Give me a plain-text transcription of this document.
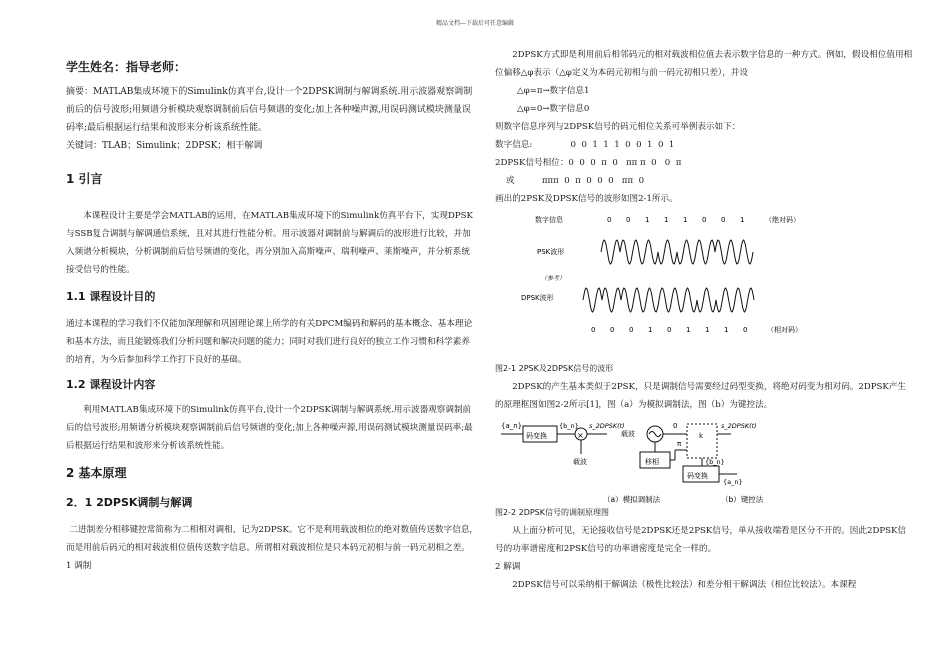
精品文档---下载后可任意编辑
学生姓名：指导老师：
摘要：MATLAB集成环境下的Simulink仿真平台,设计一个2DPSK调制与解调系统.用示波器观察调制前后的信号波形;用频谱分析模块观察调制前后信号频谱的变化;加上各种噪声源,用误码测试模块测量误码率;最后根据运行结果和波形来分析该系统性能。
关键词：TLAB；Simulink；2DPSK；相干解调
1 引言
本课程设计主要是学会MATLAB的运用，在MATLAB集成环境下的Simulink仿真平台下，实现DPSK与SSB复合调制与解调通信系统，且对其进行性能分析。用示波器对调制前与解调后的波形进行比较，并加入频谱分析模块，分析调制前后信号频谱的变化，再分别加入高斯噪声、瑞利噪声、莱斯噪声，并分析系统接受信号的性能。
1.1 课程设计目的
通过本课程的学习我们不仅能加深理解和巩固理论课上所学的有关DPCM编码和解码的基本概念、基本理论和基本方法，而且能锻炼我们分析问题和解决问题的能力；同时对我们进行良好的独立工作习惯和科学素养的培育，为今后参加科学工作打下良好的基础。
1.2 课程设计内容
利用MATLAB集成环境下的Simulink仿真平台,设计一个2DPSK调制与解调系统.用示波器观察调制前后的信号波形;用频谱分析模块观察调制前后信号频谱的变化;加上各种噪声源,用误码测试模块测量误码率;最后根据运行结果和波形来分析该系统性能。
2 基本原理
2．1 2DPSK调制与解调
二进制差分相移键控常简称为二相相对调相，记为2DPSK。它不是利用载波相位的绝对数值传送数字信息，而是用前后码元的相对载波相位值传送数字信息。所谓相对载波相位是只本码元初相与前一码元初相之差。
1 调制
2DPSK方式即是利用前后相邻码元的相对载波相位值去表示数字信息的一种方式。例如，假设相位值用相位偏移△φ表示（△φ定义为本码元初相与前一码元初相只差），并设
△φ=π→数字信息1
△φ=0→数字信息0
则数字信息序列与2DPSK信号的码元相位关系可举例表示如下：
数字信息:              0  0  1  1  1  0  0  1  0  1
2DPSK信号相位：0  0  0  π  0   ππ π  0   0  π
或          πππ  0  π  0  0  0   ππ  0
画出的2PSK及DPSK信号的波形如图2-1所示。
数字信息	0 0 1 1 1 0 0 1	（绝对码）
PSK波形
（参考）
DPSK波形
0 0 0 1 0 1 1 1 0	（相对码）
图2-1 2PSK及2DPSK信号的波形
2DPSK的产生基本类似于2PSK，只是调制信号需要经过码型变换，将绝对码变为相对码。2DPSK产生的原理框图如图2-2所示[1]，图（a）为模拟调制法，图（b）为键控法。
{a_n}
码变换
{b_n}
×
s_2DPSK(t)
载波
0
载波
π
移相
k
s_2DPSK(t)
码变换
{b_n}
{a_n}
（a）模拟调制法	（b）键控法
图2-2 2DPSK信号的调制原理图
从上面分析可见，无论接收信号是2DPSK还是2PSK信号，单从接收端看是区分不开的。因此2DPSK信号的功率谱密度和2PSK信号的功率谱密度是完全一样的。
2 解调
2DPSK信号可以采纳相干解调法（极性比较法）和差分相干解调法（相位比较法）。本课程
